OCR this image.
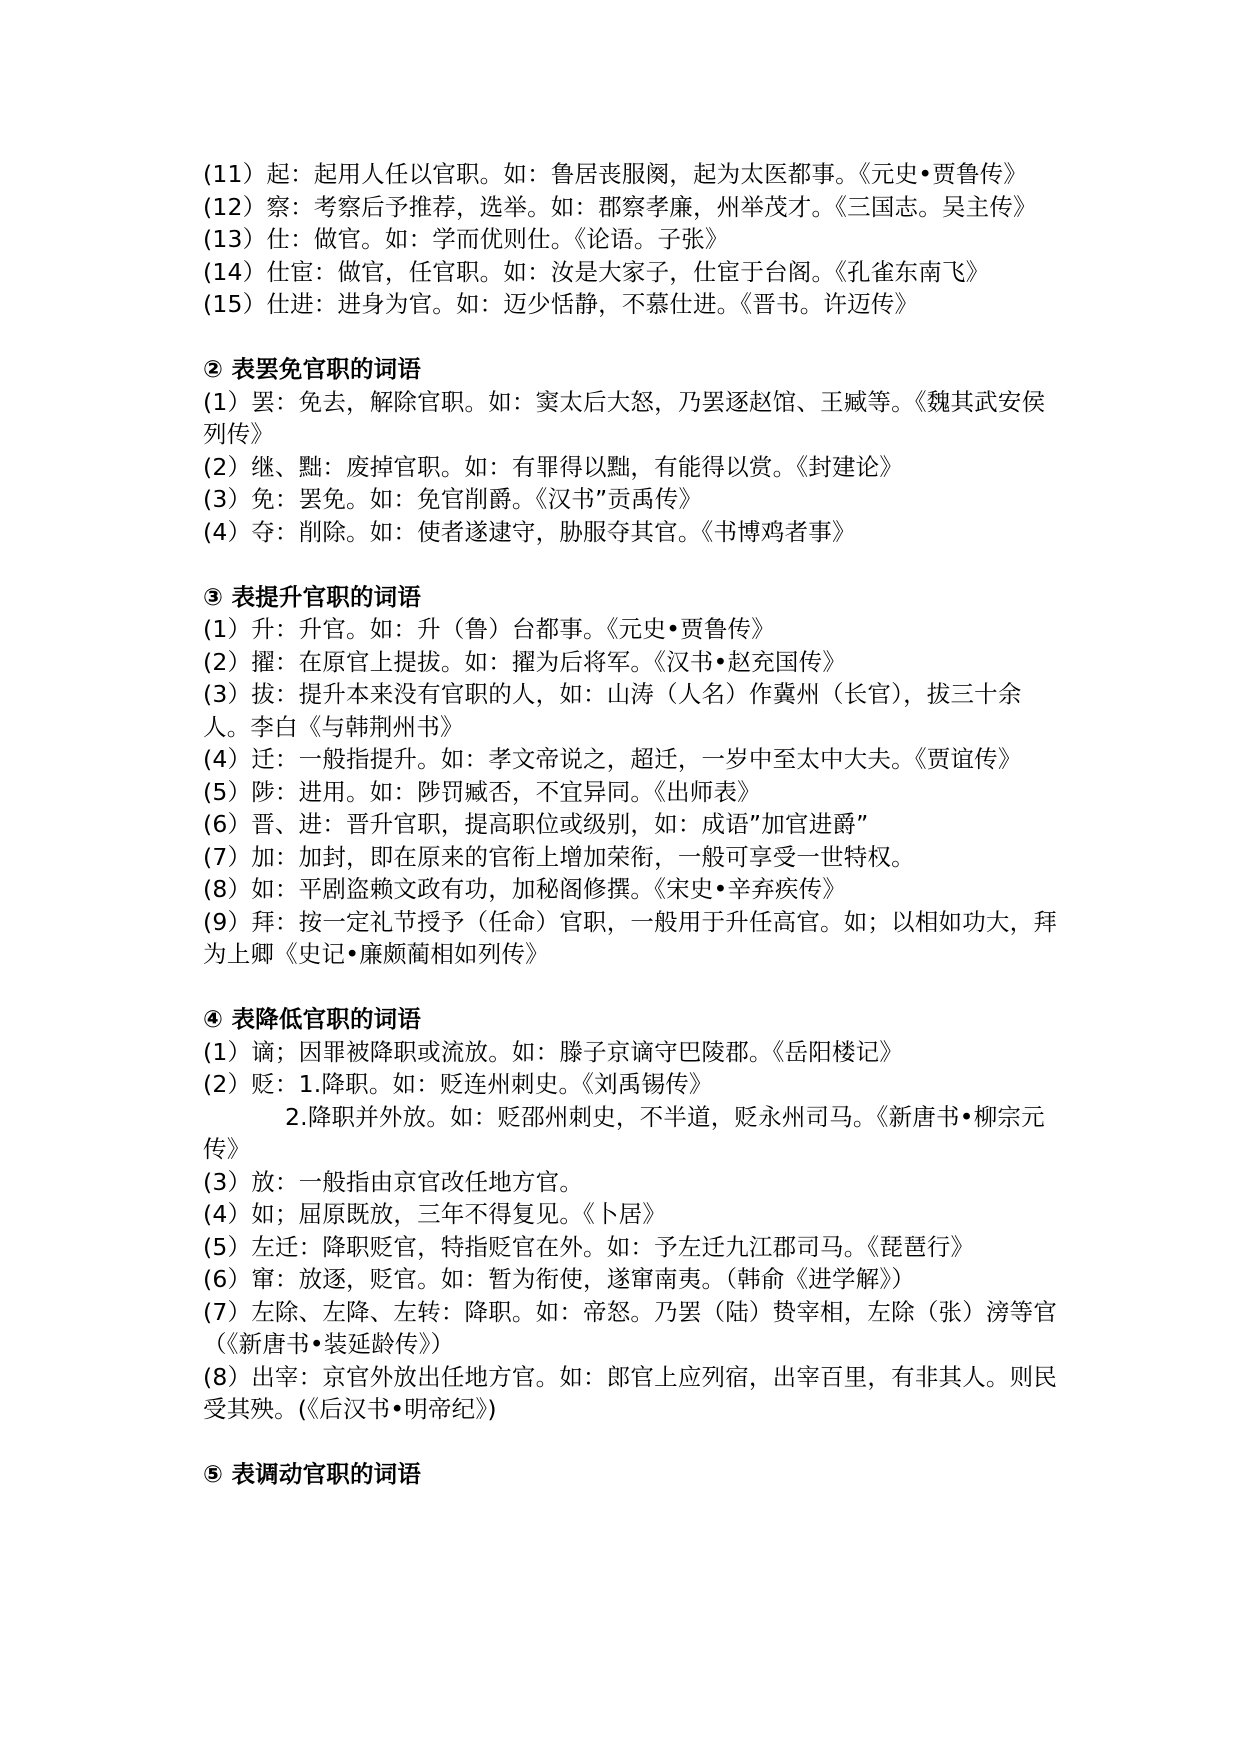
(11）起：起用人任以官职。如：鲁居丧服阕，起为太医都事。《元史•贾鲁传》

(12）察：考察后予推荐，选举。如：郡察孝廉，州举茂才。《三国志。吴主传》

(13）仕：做官。如：学而优则仕。《论语。子张》

(14）仕宦：做官，任官职。如：汝是大家子，仕宦于台阁。《孔雀东南飞》

(15）仕进：进身为官。如：迈少恬静，不慕仕进。《晋书。许迈传》

② 表罢免官职的词语

(1）罢：免去，解除官职。如：窦太后大怒，乃罢逐赵馆、王臧等。《魏其武安侯列传》

(2）继、黜：废掉官职。如：有罪得以黜，有能得以赏。《封建论》

(3）免：罢免。如：免官削爵。《汉书”贡禹传》

(4）夺：削除。如：使者遂逮守，胁服夺其官。《书博鸡者事》

③ 表提升官职的词语

(1）升：升官。如：升（鲁）台都事。《元史•贾鲁传》

(2）擢：在原官上提拔。如：擢为后将军。《汉书•赵充国传》

(3）拔：提升本来没有官职的人，如：山涛（人名）作冀州（长官），拔三十余人。李白《与韩荆州书》

(4）迁：一般指提升。如：孝文帝说之，超迁，一岁中至太中大夫。《贾谊传》

(5）陟：进用。如：陟罚臧否，不宜异同。《出师表》

(6）晋、进：晋升官职，提高职位或级别，如：成语”加官进爵”

(7）加：加封，即在原来的官衔上增加荣衔，一般可享受一世特权。

(8）如：平剧盗赖文政有功，加秘阁修撰。《宋史•辛弃疾传》

(9）拜：按一定礼节授予（任命）官职，一般用于升任高官。如；以相如功大，拜为上卿《史记•廉颇蔺相如列传》

④ 表降低官职的词语

(1）谪；因罪被降职或流放。如：滕子京谪守巴陵郡。《岳阳楼记》

(2）贬：1.降职。如：贬连州刺史。《刘禹锡传》

2.降职并外放。如：贬邵州刺史，不半道，贬永州司马。《新唐书•柳宗元传》

(3）放：一般指由京官改任地方官。

(4）如；屈原既放，三年不得复见。《卜居》

(5）左迁：降职贬官，特指贬官在外。如：予左迁九江郡司马。《琵琶行》

(6）窜：放逐，贬官。如：暂为衔使，遂窜南夷。（韩俞《进学解》）

(7）左除、左降、左转：降职。如：帝怒。乃罢（陆）贽宰相，左除（张）滂等官（《新唐书•装延龄传》）

(8）出宰：京官外放出任地方官。如：郎官上应列宿，出宰百里，有非其人。则民受其殃。(《后汉书•明帝纪》)

⑤ 表调动官职的词语
